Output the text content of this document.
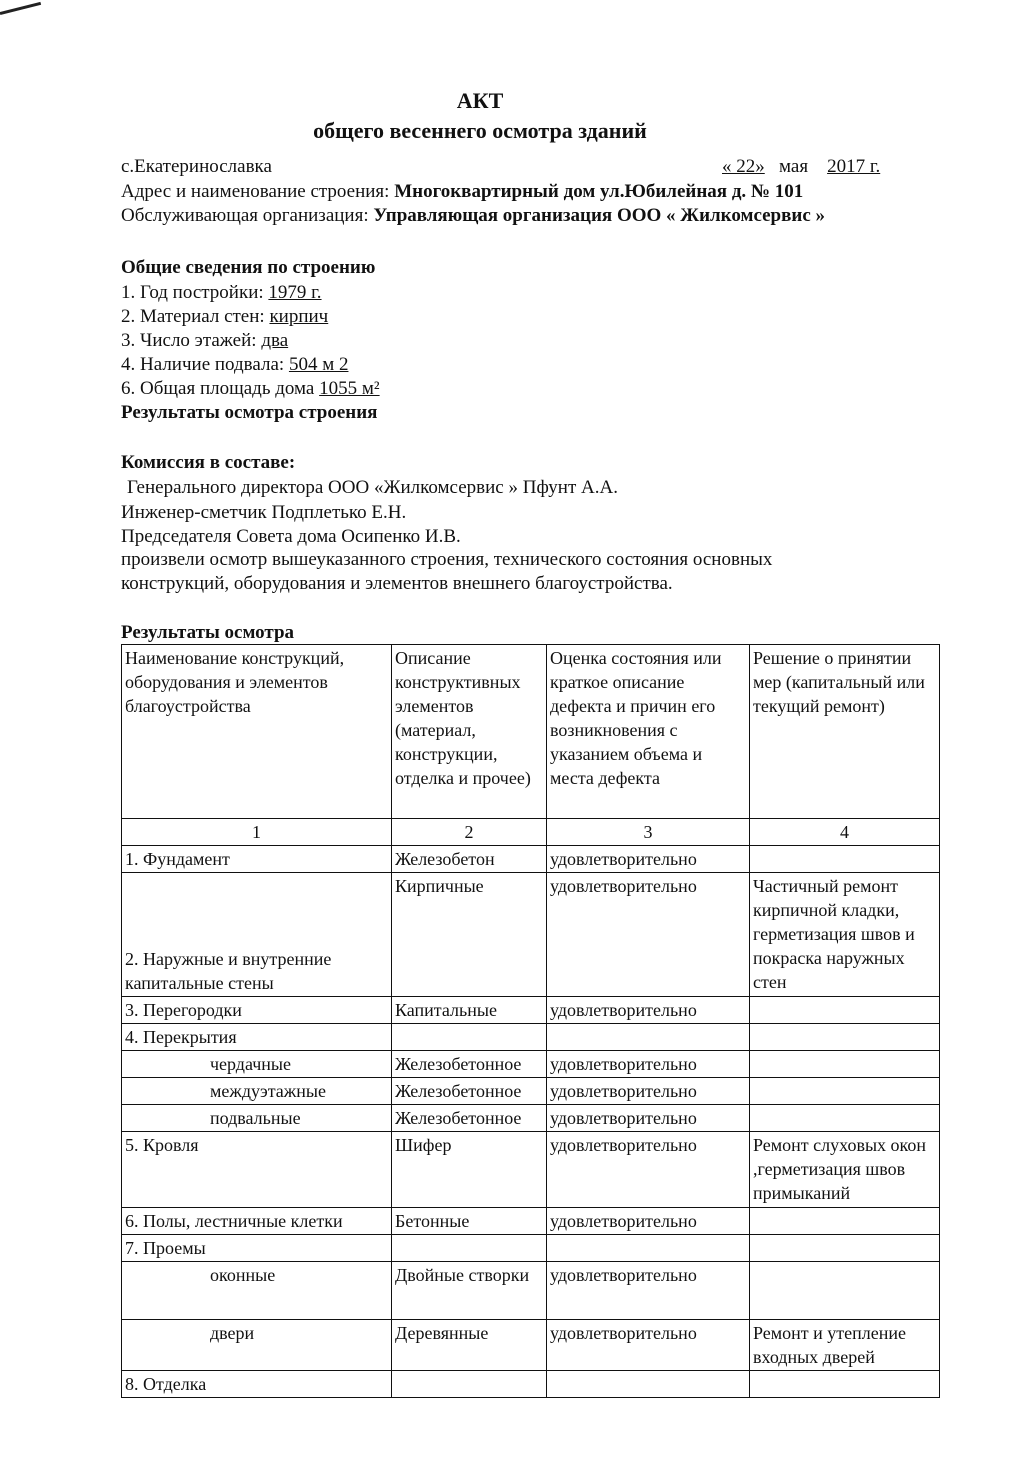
АКТ
общего весеннего осмотра зданий
с.Екатеринославка	« 22» мая 2017 г.
Адрес и наименование строения: Многоквартирный дом ул.Юбилейная д. № 101
Обслуживающая организация: Управляющая организация ООО « Жилкомсервис »
Общие сведения по строению
1. Год постройки: 1979 г.
2. Материал стен: кирпич
3. Число этажей: два
4. Наличие подвала: 504 м 2
6. Общая площадь дома 1055 м²
Результаты осмотра строения
Комиссия в составе:
Генерального директора ООО «Жилкомсервис » Пфунт А.А.
Инженер-сметчик Подплетько Е.Н.
Председателя Совета дома Осипенко И.В.
произвели осмотр вышеуказанного строения, технического состояния основных
конструкций, оборудования и элементов внешнего благоустройства.
Результаты осмотра
Наименование конструкций, оборудования и элементов благоустройства	Описание конструктивных элементов (материал, конструкции, отделка и прочее)	Оценка состояния или краткое описание дефекта и причин его возникновения с указанием объема и места дефекта	Решение о принятии мер (капитальный или текущий ремонт)
1	2	3	4
1. Фундамент	Железобетон	удовлетворительно	
2. Наружные и внутренние капитальные стены	Кирпичные	удовлетворительно	Частичный ремонт кирпичной кладки, герметизация швов и покраска наружных стен
3. Перегородки	Капитальные	удовлетворительно	
4. Перекрытия			
чердачные	Железобетонное	удовлетворительно	
междуэтажные	Железобетонное	удовлетворительно	
подвальные	Железобетонное	удовлетворительно	
5. Кровля	Шифер	удовлетворительно	Ремонт слуховых окон ,герметизация швов примыканий
6. Полы, лестничные клетки	Бетонные	удовлетворительно	
7. Проемы			
оконные	Двойные створки	удовлетворительно	
двери	Деревянные	удовлетворительно	Ремонт и утепление входных дверей
8. Отделка			
